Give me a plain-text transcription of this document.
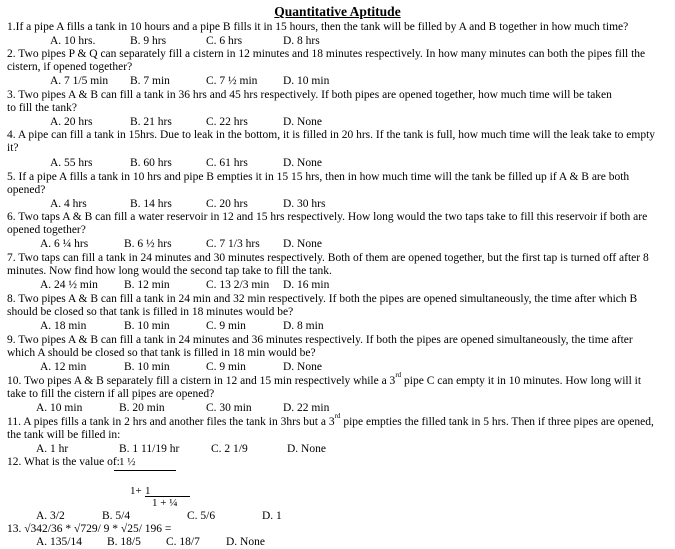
Quantitative Aptitude
1.If a pipe A fills a tank in 10 hours and a pipe B fills it in 15 hours, then the tank will be filled by A and B together in how much time?
A. 10 hrs.	B. 9 hrs	C. 6 hrs	D. 8 hrs
2. Two pipes P & Q can separately fill a cistern in 12 minutes and 18 minutes respectively. In how many minutes can both the pipes fill the
cistern, if opened together?
A. 7 1/5 min B. 7 min	C. 7 ½ min D. 10 min
3. Two pipes A & B can fill a tank in 36 hrs and 45 hrs respectively. If both pipes are opened together, how much time will be taken
to fill the tank?
A. 20 hrs	B. 21 hrs	C. 22 hrs	D. None
4. A pipe can fill a tank in 15hrs. Due to leak in the bottom, it is filled in 20 hrs. If the tank is full, how much time will the leak take to empty
it?
A. 55 hrs	B. 60 hrs	C. 61 hrs	D. None
5. If a pipe A fills a tank in 10 hrs and pipe B empties it in 15 15 hrs, then in how much time will the tank be filled up if A & B are both
opened?
A. 4 hrs	B. 14 hrs	C. 20 hrs	D. 30 hrs
6. Two taps A & B can fill a water reservoir in 12 and 15 hrs respectively. How long would the two taps take to fill this reservoir if both are
opened together?
A. 6 ¼ hrs	B. 6 ½ hrs	C. 7 1/3 hrs D. None
7. Two taps can fill a tank in 24 minutes and 30 minutes respectively. Both of them are opened together, but the first tap is turned off after 8
minutes. Now find how long would the second tap take to fill the tank.
A. 24 ½ min B. 12 min	C. 13 2/3 min D. 16 min
8. Two pipes A & B can fill a tank in 24 min and 32 min respectively. If both the pipes are opened simultaneously, the time after which B
should be closed so that tank is filled in 18 minutes would be?
A. 18 min	B. 10 min	C. 9 min	D. 8 min
9. Two pipes A & B can fill a tank in 24 minutes and 36 minutes respectively. If both the pipes are opened simultaneously, the time after
which A should be closed so that tank is filled in 18 min would be?
A. 12 min	B. 10 min	C. 9 min	D. None
10. Two pipes A & B separately fill a cistern in 12 and 15 min respectively while a 3rd pipe C can empty it in 10 minutes. How long will it
take to fill the cistern if all pipes are opened?
A. 10 min	B. 20 min	C. 30 min	D. 22 min
11. A pipes fills a tank in 2 hrs and another files the tank in 3hrs but a 3rd pipe empties the filled tank in 5 hrs. Then if three pipes are opened,
the tank will be filled in:
A. 1 hr	B. 1 11/19 hr	C. 2 1/9	D. None
12. What is the value of: 1 ½
1+ 1
1 + ¼
A. 3/2	B. 5/4	C. 5/6	D. 1
13. √342/36 * √729/ 9 * √25/ 196 =
A. 135/14 B. 18/5 C. 18/7 D. None
